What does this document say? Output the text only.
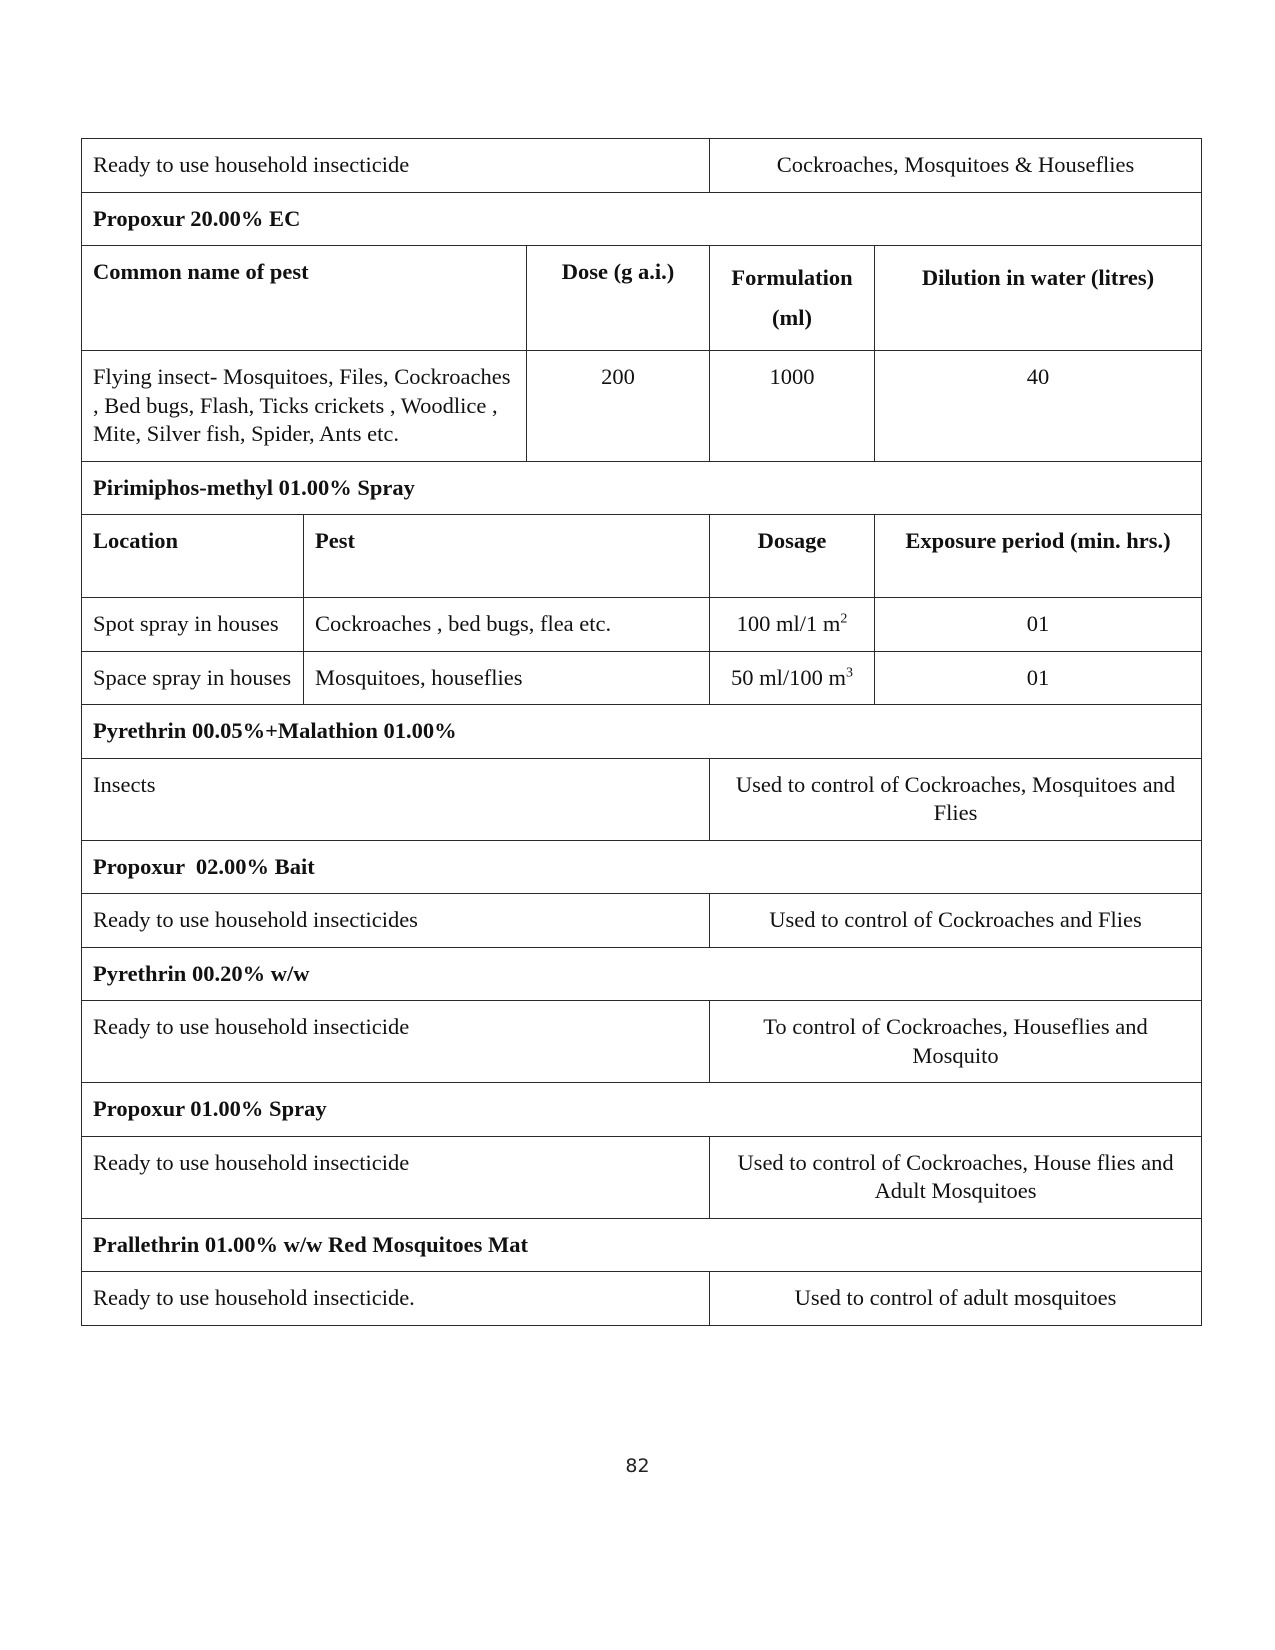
Ready to use household insecticide			Cockroaches, Mosquitoes & Houseflies	
Propoxur 20.00% EC				
Common name of pest		Dose (g a.i.)	Formulation (ml)	Dilution in water (litres)
Flying insect- Mosquitoes, Files, Cockroaches , Bed bugs, Flash, Ticks crickets , Woodlice , Mite, Silver fish, Spider, Ants etc.		200	1000	40
Pirimiphos-methyl 01.00% Spray				
Location	Pest		Dosage	Exposure period (min. hrs.)
Spot spray in houses	Cockroaches , bed bugs, flea etc.		100 ml/1 $m^2$	01
Space spray in houses	Mosquitoes, houseflies		50 ml/100 $m^3$	01
Pyrethrin 00.05%+Malathion 01.00%				
Insects			Used to control of Cockroaches, Mosquitoes and Flies	
Propoxur  02.00% Bait				
Ready to use household insecticides			Used to control of Cockroaches and Flies	
Pyrethrin 00.20% w/w				
Ready to use household insecticide			To control of Cockroaches, Houseflies and Mosquito	
Propoxur 01.00% Spray				
Ready to use household insecticide			Used to control of Cockroaches, House flies and Adult Mosquitoes	
Prallethrin 01.00% w/w Red Mosquitoes Mat				
Ready to use household insecticide.			Used to control of adult mosquitoes	
82
